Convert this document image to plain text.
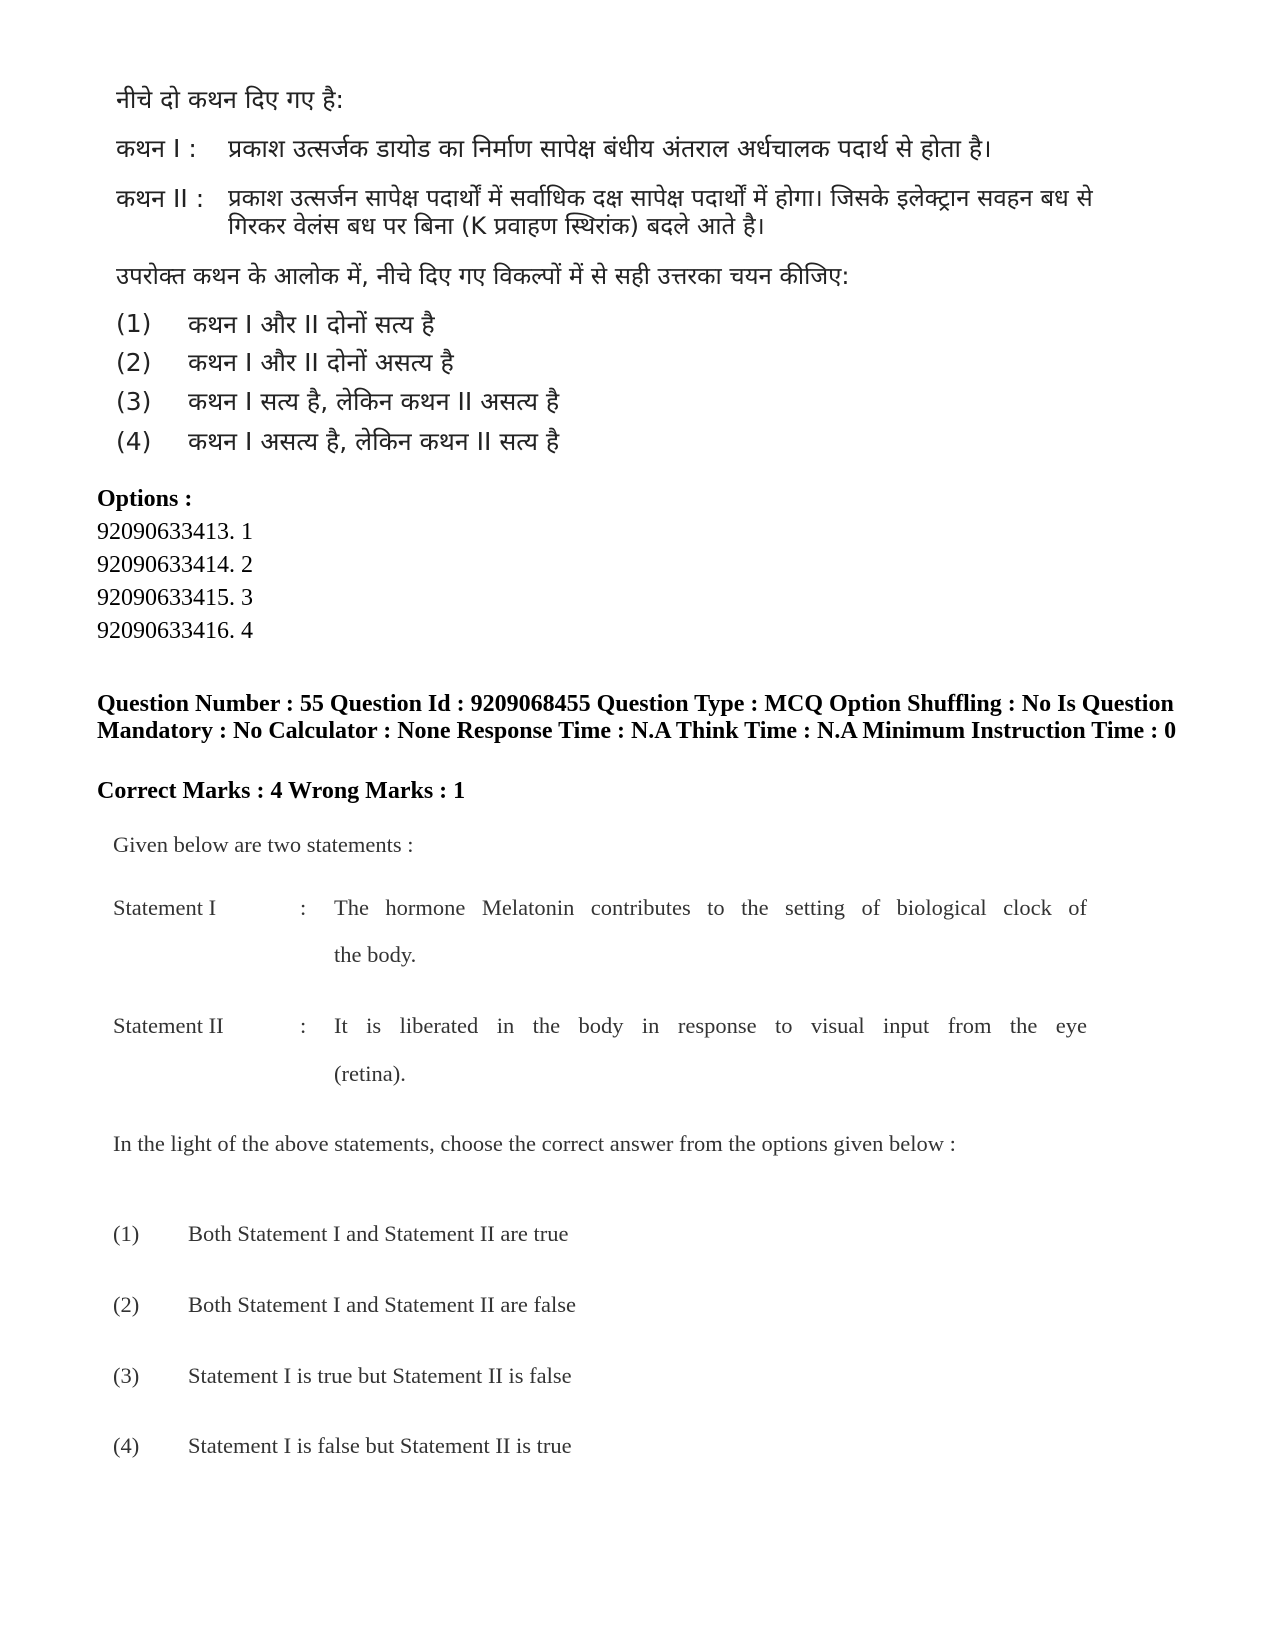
नीचे दो कथन दिए गए है:
कथन I : प्रकाश उत्सर्जक डायोड का निर्माण सापेक्ष बंधीय अंतराल अर्धचालक पदार्थ से होता है।
कथन II : प्रकाश उत्सर्जन सापेक्ष पदार्थों में सर्वाधिक दक्ष सापेक्ष पदार्थों में होगा। जिसके इलेक्ट्रान सवहन बध से
गिरकर वेलंस बध पर बिना (K प्रवाहण स्थिरांक) बदले आते है।
उपरोक्त कथन के आलोक में, नीचे दिए गए विकल्पों में से सही उत्तरका चयन कीजिए:
(1) कथन I और II दोनों सत्य है
(2) कथन I और II दोनों असत्य है
(3) कथन I सत्य है, लेकिन कथन II असत्य है
(4) कथन I असत्य है, लेकिन कथन II सत्य है
Options :
92090633413. 1
92090633414. 2
92090633415. 3
92090633416. 4
Question Number : 55 Question Id : 9209068455 Question Type : MCQ Option Shuffling : No Is Question Mandatory : No Calculator : None Response Time : N.A Think Time : N.A Minimum Instruction Time : 0
Correct Marks : 4 Wrong Marks : 1
Given below are two statements :
Statement I	: The hormone Melatonin contributes to the setting of biological clock of
the body.
Statement II	: It is liberated in the body in response to visual input from the eye
(retina).
In the light of the above statements, choose the correct answer from the options given below :
(1) Both Statement I and Statement II are true
(2) Both Statement I and Statement II are false
(3) Statement I is true but Statement II is false
(4) Statement I is false but Statement II is true
